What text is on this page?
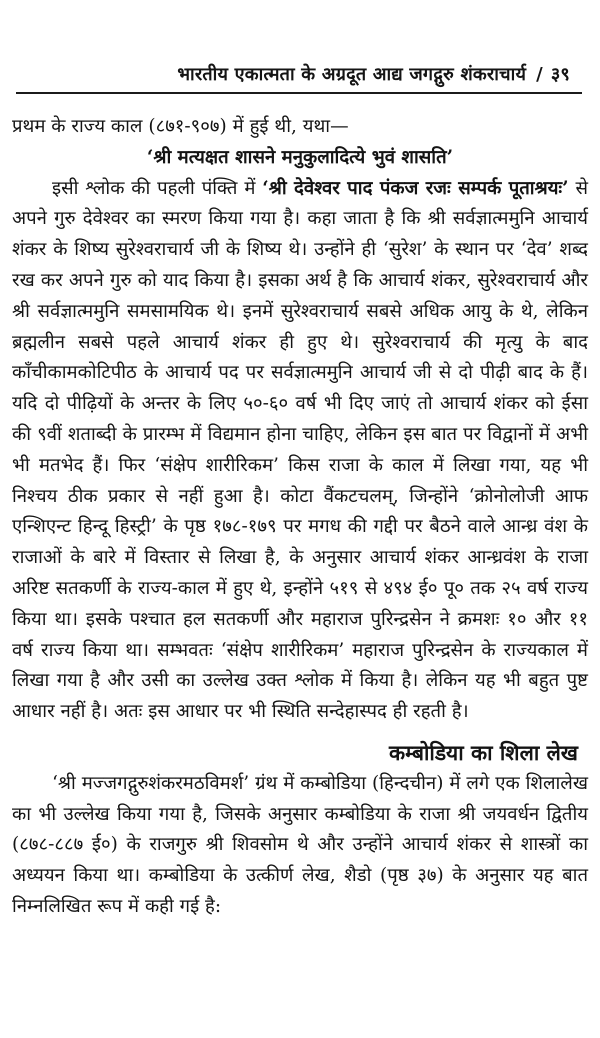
भारतीय एकात्मता के अग्रदूत आद्य जगद्गुरु शंकराचार्य / ३९

प्रथम के राज्य काल (८७१-९०७) में हुई थी, यथा—

‘श्री मत्यक्षत शासने मनुकुलादित्ये भुवं शासति’

इसी श्लोक की पहली पंक्ति में ‘श्री देवेश्वर पाद पंकज रजः सम्पर्क पूताश्रयः’ से अपने गुरु देवेश्वर का स्मरण किया गया है। कहा जाता है कि श्री सर्वज्ञात्ममुनि आचार्य शंकर के शिष्य सुरेश्वराचार्य जी के शिष्य थे। उन्होंने ही ‘सुरेश’ के स्थान पर ‘देव’ शब्द रख कर अपने गुरु को याद किया है। इसका अर्थ है कि आचार्य शंकर, सुरेश्वराचार्य और श्री सर्वज्ञात्ममुनि समसामयिक थे। इनमें सुरेश्वराचार्य सबसे अधिक आयु के थे, लेकिन ब्रह्मलीन सबसे पहले आचार्य शंकर ही हुए थे। सुरेश्वराचार्य की मृत्यु के बाद काँचीकामकोटिपीठ के आचार्य पद पर सर्वज्ञात्ममुनि आचार्य जी से दो पीढ़ी बाद के हैं। यदि दो पीढ़ियों के अन्तर के लिए ५०-६० वर्ष भी दिए जाएं तो आचार्य शंकर को ईसा की ९वीं शताब्दी के प्रारम्भ में विद्यमान होना चाहिए, लेकिन इस बात पर विद्वानों में अभी भी मतभेद हैं। फिर ‘संक्षेप शारीरिकम’ किस राजा के काल में लिखा गया, यह भी निश्चय ठीक प्रकार से नहीं हुआ है। कोटा वैंकटचलम्, जिन्होंने ‘क्रोनोलोजी आफ एन्शिएन्ट हिन्दू हिस्ट्री’ के पृष्ठ १७८-१७९ पर मगध की गद्दी पर बैठने वाले आन्ध्र वंश के राजाओं के बारे में विस्तार से लिखा है, के अनुसार आचार्य शंकर आन्ध्रवंश के राजा अरिष्ट सतकर्णी के राज्य-काल में हुए थे, इन्होंने ५१९ से ४९४ ई० पू० तक २५ वर्ष राज्य किया था। इसके पश्चात हल सतकर्णी और महाराज पुरिन्द्रसेन ने क्रमशः १० और ११ वर्ष राज्य किया था। सम्भवतः ‘संक्षेप शारीरिकम’ महाराज पुरिन्द्रसेन के राज्यकाल में लिखा गया है और उसी का उल्लेख उक्त श्लोक में किया है। लेकिन यह भी बहुत पुष्ट आधार नहीं है। अतः इस आधार पर भी स्थिति सन्देहास्पद ही रहती है।

कम्बोडिया का शिला लेख

‘श्री मज्जगद्गुरुशंकरमठविमर्श’ ग्रंथ में कम्बोडिया (हिन्दचीन) में लगे एक शिलालेख का भी उल्लेख किया गया है, जिसके अनुसार कम्बोडिया के राजा श्री जयवर्धन द्वितीय (८७८-८८७ ई०) के राजगुरु श्री शिवसोम थे और उन्होंने आचार्य शंकर से शास्त्रों का अध्ययन किया था। कम्बोडिया के उत्कीर्ण लेख, शैडो (पृष्ठ ३७) के अनुसार यह बात निम्नलिखित रूप में कही गई है:
